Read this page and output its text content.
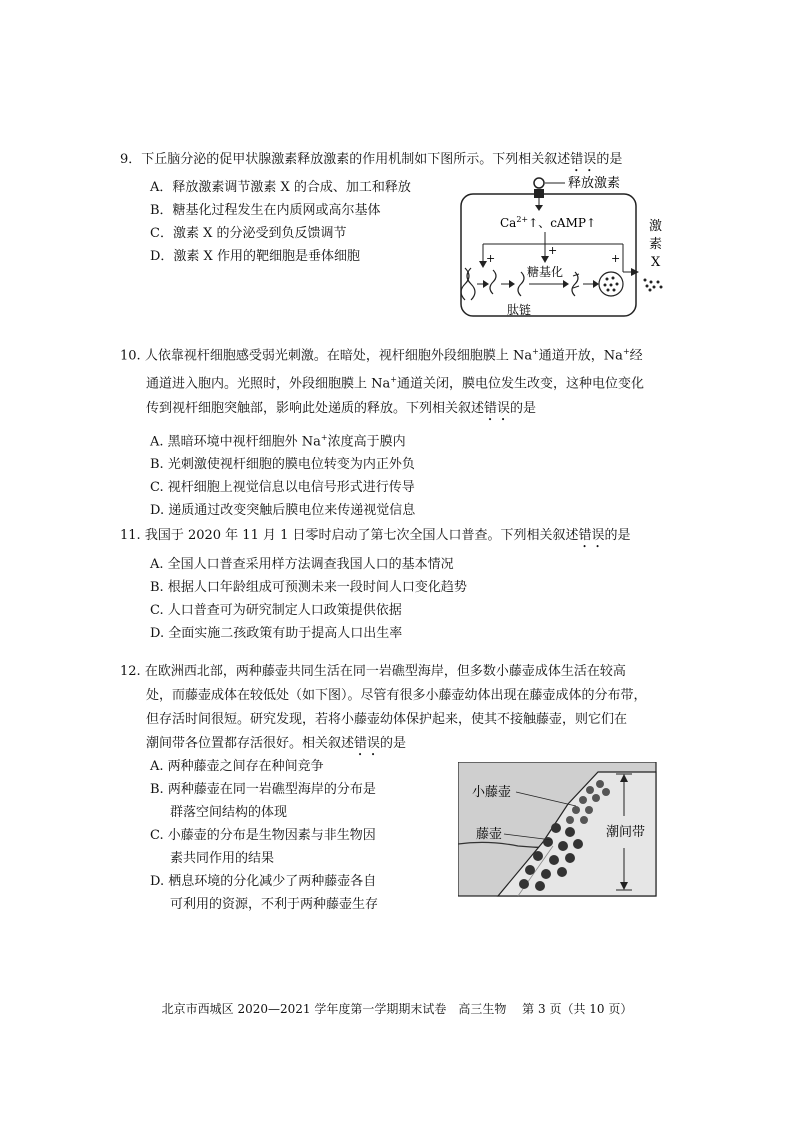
9．下丘脑分泌的促甲状腺激素释放激素的作用机制如下图所示。下列相关叙述错误的是
A．释放激素调节激素 X 的合成、加工和释放
B．糖基化过程发生在内质网或高尔基体
C．激素 X 的分泌受到负反馈调节
D．激素 X 作用的靶细胞是垂体细胞
释放激素
$Ca^{2+}↑$、cAMP↑
+
+
+
肽链
糖基化
激
素
X
10. 人依靠视杆细胞感受弱光刺激。在暗处，视杆细胞外段细胞膜上 Na+通道开放，Na+经
通道进入胞内。光照时，外段细胞膜上 Na+通道关闭，膜电位发生改变，这种电位变化
传到视杆细胞突触部，影响此处递质的释放。下列相关叙述错误的是
A. 黑暗环境中视杆细胞外 Na+浓度高于膜内
B. 光刺激使视杆细胞的膜电位转变为内正外负
C. 视杆细胞上视觉信息以电信号形式进行传导
D. 递质通过改变突触后膜电位来传递视觉信息
11. 我国于 2020 年 11 月 1 日零时启动了第七次全国人口普查。下列相关叙述错误的是
A. 全国人口普查采用样方法调查我国人口的基本情况
B. 根据人口年龄组成可预测未来一段时间人口变化趋势
C. 人口普查可为研究制定人口政策提供依据
D. 全面实施二孩政策有助于提高人口出生率
12. 在欧洲西北部，两种藤壶共同生活在同一岩礁型海岸，但多数小藤壶成体生活在较高
处，而藤壶成体在较低处（如下图）。尽管有很多小藤壶幼体出现在藤壶成体的分布带，
但存活时间很短。研究发现，若将小藤壶幼体保护起来，使其不接触藤壶，则它们在
潮间带各位置都存活很好。相关叙述错误的是
A. 两种藤壶之间存在种间竞争
B. 两种藤壶在同一岩礁型海岸的分布是
群落空间结构的体现
C. 小藤壶的分布是生物因素与非生物因
素共同作用的结果
D. 栖息环境的分化减少了两种藤壶各自
可利用的资源，不利于两种藤壶生存
小藤壶
藤壶	潮间带
北京市西城区 2020—2021 学年度第一学期期末试卷　高三生物　 第 3 页（共 10 页）
